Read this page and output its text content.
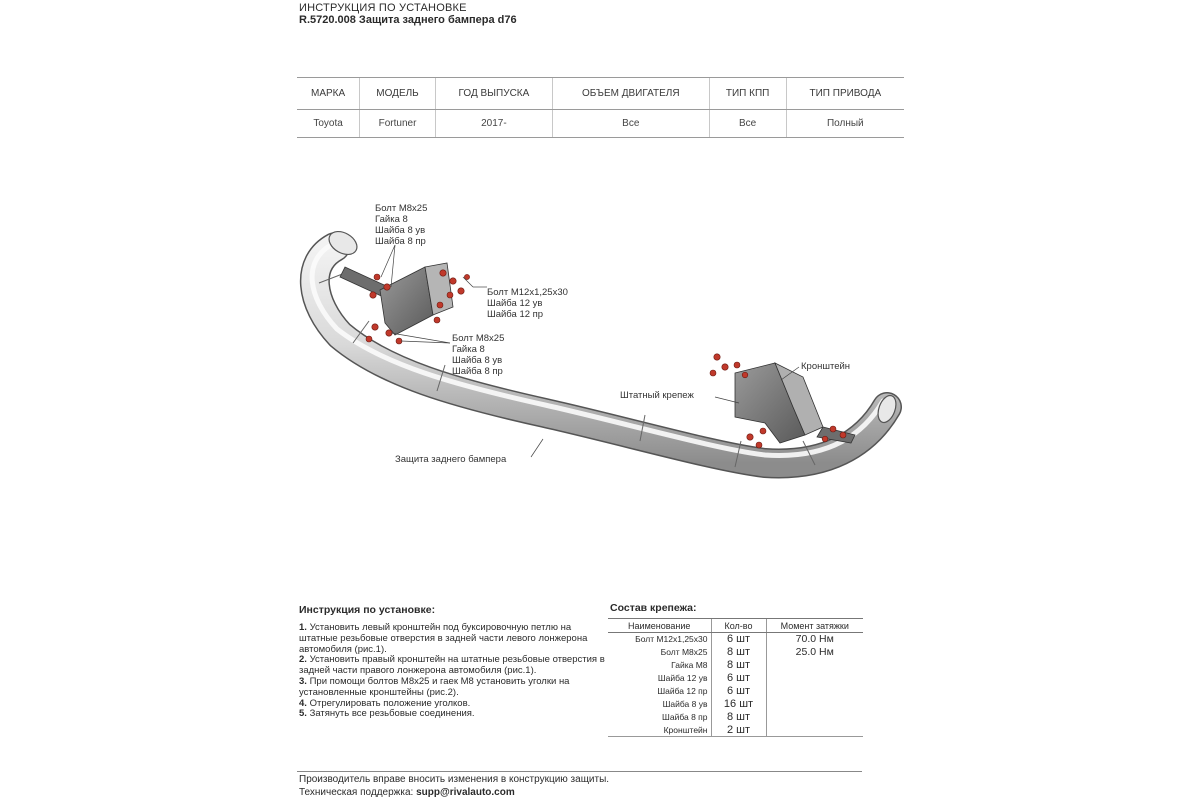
ИНСТРУКЦИЯ ПО УСТАНОВКЕ
R.5720.008 Защита заднего бампера d76
МАРКА	МОДЕЛЬ	ГОД ВЫПУСКА	ОБЪЕМ ДВИГАТЕЛЯ	ТИП КПП	ТИП ПРИВОДА
Toyota	Fortuner	2017-	Все	Все	Полный
Болт М8х25
Гайка 8
Шайба 8 ув
Шайба 8 пр
Болт М12х1,25х30
Шайба 12 ув
Шайба 12 пр
Болт М8х25
Гайка 8
Шайба 8 ув
Шайба 8 пр	Кронштейн
Штатный крепеж
Защита заднего бампера
Инструкция по установке:
1. Установить левый кронштейн под буксировочную петлю на штатные резьбовые отверстия в задней части левого лонжерона автомобиля (рис.1).
2. Установить правый кронштейн на штатные резьбовые отверстия в задней части правого лонжерона автомобиля (рис.1).
3. При помощи болтов М8х25 и гаек М8 установить уголки на установленные кронштейны (рис.2).
4. Отрегулировать положение уголков.
5. Затянуть все резьбовые соединения.
Состав крепежа:
Наименование	Кол-во	Момент затяжки
Болт М12х1,25х30	6 шт	70.0 Нм
Болт М8х25	8 шт	25.0 Нм
Гайка М8	8 шт	
Шайба 12 ув	6 шт	
Шайба 12 пр	6 шт	
Шайба 8 ув	16 шт	
Шайба 8 пр	8 шт	
Кронштейн	2 шт	
Производитель вправе вносить изменения в конструкцию защиты.
Техническая поддержка: supp@rivalauto.com
